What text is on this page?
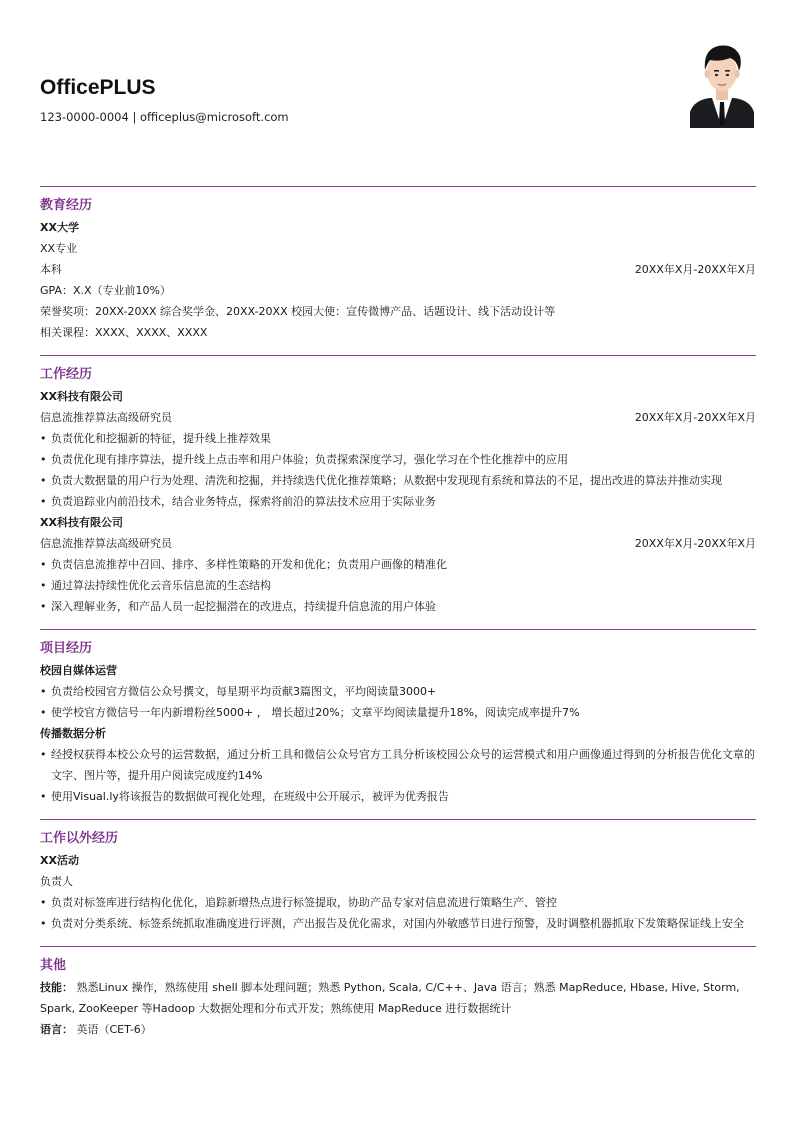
OfficePLUS
123-0000-0004 | officeplus@microsoft.com
教育经历
XX大学
XX专业
本科	20XX年X月-20XX年X月
GPA：X.X（专业前10%）
荣誉奖项：20XX-20XX 综合奖学金、20XX-20XX 校园大使：宣传微博产品、话题设计、线下活动设计等
相关课程：XXXX、XXXX、XXXX
工作经历
XX科技有限公司
信息流推荐算法高级研究员	20XX年X月-20XX年X月
• 负责优化和挖掘新的特征，提升线上推荐效果
• 负责优化现有排序算法，提升线上点击率和用户体验；负责探索深度学习，强化学习在个性化推荐中的应用
• 负责大数据量的用户行为处理、清洗和挖掘，并持续迭代优化推荐策略；从数据中发现现有系统和算法的不足，提出改进的算法并推动实现
• 负责追踪业内前沿技术，结合业务特点，探索将前沿的算法技术应用于实际业务
XX科技有限公司
信息流推荐算法高级研究员	20XX年X月-20XX年X月
• 负责信息流推荐中召回、排序、多样性策略的开发和优化；负责用户画像的精准化
• 通过算法持续性优化云音乐信息流的生态结构
• 深入理解业务，和产品人员一起挖掘潜在的改进点，持续提升信息流的用户体验
项目经历
校园自媒体运营
• 负责给校园官方微信公众号撰文，每星期平均贡献3篇图文，平均阅读量3000+
• 使学校官方微信号一年内新增粉丝5000+ ， 增长超过20%；文章平均阅读量提升18%，阅读完成率提升7%
传播数据分析
• 经授权获得本校公众号的运营数据，通过分析工具和微信公众号官方工具分析该校园公众号的运营模式和用户画像通过得到的分析报告优化文章的文字、图片等，提升用户阅读完成度约14%
• 使用Visual.ly将该报告的数据做可视化处理，在班级中公开展示，被评为优秀报告
工作以外经历
XX活动
负责人
• 负责对标签库进行结构化优化，追踪新增热点进行标签提取，协助产品专家对信息流进行策略生产、管控
• 负责对分类系统、标签系统抓取准确度进行评测，产出报告及优化需求，对国内外敏感节日进行预警，及时调整机器抓取下发策略保证线上安全
其他
技能： 熟悉Linux 操作，熟练使用 shell 脚本处理问题；熟悉 Python, Scala, C/C++、Java 语言；熟悉 MapReduce, Hbase, Hive, Storm, Spark, ZooKeeper 等Hadoop 大数据处理和分布式开发；熟练使用 MapReduce 进行数据统计
语言： 英语（CET-6）
